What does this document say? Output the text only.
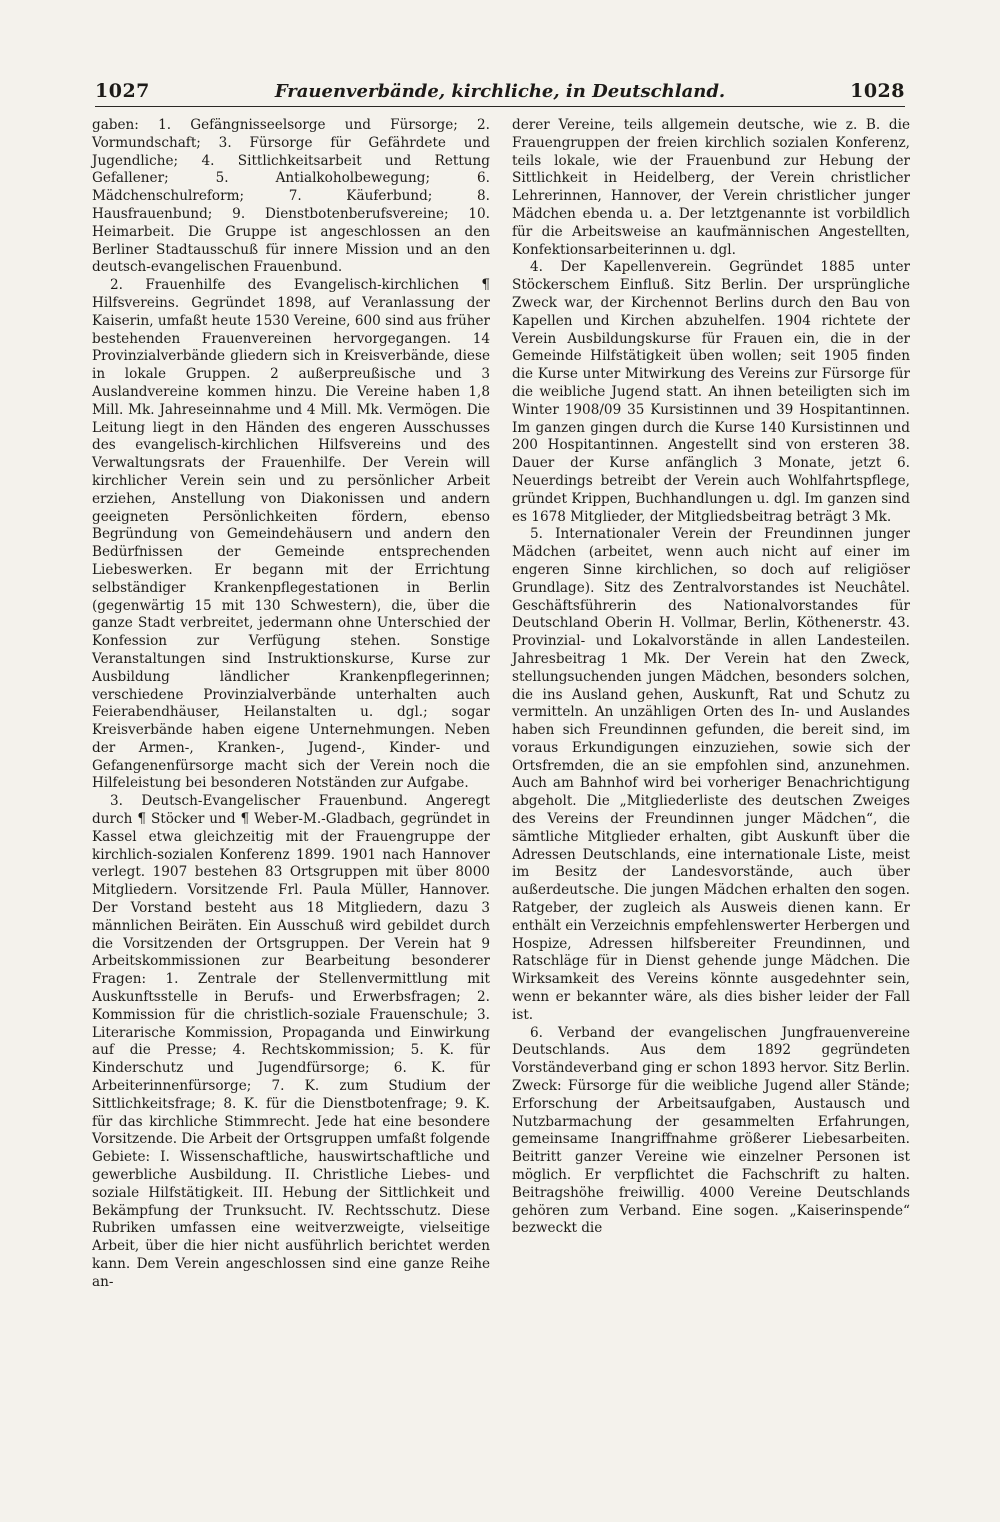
1027	Frauenverbände, kirchliche, in Deutschland.	1028

gaben: 1. Gefängnisseelsorge und Fürsorge; 2. Vormundschaft; 3. Fürsorge für Gefährdete und Jugendliche; 4. Sittlichkeitsarbeit und Rettung Gefallener; 5. Antialkoholbewegung; 6. Mädchenschulreform; 7. Käuferbund; 8. Hausfrauenbund; 9. Dienstbotenberufsvereine; 10. Heimarbeit. Die Gruppe ist angeschlossen an den Berliner Stadtausschuß für innere Mission und an den deutsch-evangelischen Frauenbund.

2. Frauenhilfe des Evangelisch-kirchlichen ¶ Hilfsvereins. Gegründet 1898, auf Veranlassung der Kaiserin, umfaßt heute 1530 Vereine, 600 sind aus früher bestehenden Frauenvereinen hervorgegangen. 14 Provinzialverbände gliedern sich in Kreisverbände, diese in lokale Gruppen. 2 außerpreußische und 3 Auslandvereine kommen hinzu. Die Vereine haben 1,8 Mill. Mk. Jahreseinnahme und 4 Mill. Mk. Vermögen. Die Leitung liegt in den Händen des engeren Ausschusses des evangelisch-kirchlichen Hilfsvereins und des Verwaltungsrats der Frauenhilfe. Der Verein will kirchlicher Verein sein und zu persönlicher Arbeit erziehen, Anstellung von Diakonissen und andern geeigneten Persönlichkeiten fördern, ebenso Begründung von Gemeindehäusern und andern den Bedürfnissen der Gemeinde entsprechenden Liebeswerken. Er begann mit der Errichtung selbständiger Krankenpflegestationen in Berlin (gegenwärtig 15 mit 130 Schwestern), die, über die ganze Stadt verbreitet, jedermann ohne Unterschied der Konfession zur Verfügung stehen. Sonstige Veranstaltungen sind Instruktionskurse, Kurse zur Ausbildung ländlicher Krankenpflegerinnen; verschiedene Provinzialverbände unterhalten auch Feierabendhäuser, Heilanstalten u. dgl.; sogar Kreisverbände haben eigene Unternehmungen. Neben der Armen-, Kranken-, Jugend-, Kinder- und Gefangenenfürsorge macht sich der Verein noch die Hilfeleistung bei besonderen Notständen zur Aufgabe.

3. Deutsch-Evangelischer Frauenbund. Angeregt durch ¶ Stöcker und ¶ Weber-M.-Gladbach, gegründet in Kassel etwa gleichzeitig mit der Frauengruppe der kirchlich-sozialen Konferenz 1899. 1901 nach Hannover verlegt. 1907 bestehen 83 Ortsgruppen mit über 8000 Mitgliedern. Vorsitzende Frl. Paula Müller, Hannover. Der Vorstand besteht aus 18 Mitgliedern, dazu 3 männlichen Beiräten. Ein Ausschuß wird gebildet durch die Vorsitzenden der Ortsgruppen. Der Verein hat 9 Arbeitskommissionen zur Bearbeitung besonderer Fragen: 1. Zentrale der Stellenvermittlung mit Auskunftsstelle in Berufs- und Erwerbsfragen; 2. Kommission für die christlich-soziale Frauenschule; 3. Literarische Kommission, Propaganda und Einwirkung auf die Presse; 4. Rechtskommission; 5. K. für Kinderschutz und Jugendfürsorge; 6. K. für Arbeiterinnenfürsorge; 7. K. zum Studium der Sittlichkeitsfrage; 8. K. für die Dienstbotenfrage; 9. K. für das kirchliche Stimmrecht. Jede hat eine besondere Vorsitzende. Die Arbeit der Ortsgruppen umfaßt folgende Gebiete: I. Wissenschaftliche, hauswirtschaftliche und gewerbliche Ausbildung. II. Christliche Liebes- und soziale Hilfstätigkeit. III. Hebung der Sittlichkeit und Bekämpfung der Trunksucht. IV. Rechtsschutz. Diese Rubriken umfassen eine weitverzweigte, vielseitige Arbeit, über die hier nicht ausführlich berichtet werden kann. Dem Verein angeschlossen sind eine ganze Reihe an-

derer Vereine, teils allgemein deutsche, wie z. B. die Frauengruppen der freien kirchlich sozialen Konferenz, teils lokale, wie der Frauenbund zur Hebung der Sittlichkeit in Heidelberg, der Verein christlicher Lehrerinnen, Hannover, der Verein christlicher junger Mädchen ebenda u. a. Der letztgenannte ist vorbildlich für die Arbeitsweise an kaufmännischen Angestellten, Konfektionsarbeiterinnen u. dgl.

4. Der Kapellenverein. Gegründet 1885 unter Stöckerschem Einfluß. Sitz Berlin. Der ursprüngliche Zweck war, der Kirchennot Berlins durch den Bau von Kapellen und Kirchen abzuhelfen. 1904 richtete der Verein Ausbildungskurse für Frauen ein, die in der Gemeinde Hilfstätigkeit üben wollen; seit 1905 finden die Kurse unter Mitwirkung des Vereins zur Fürsorge für die weibliche Jugend statt. An ihnen beteiligten sich im Winter 1908/09 35 Kursistinnen und 39 Hospitantinnen. Im ganzen gingen durch die Kurse 140 Kursistinnen und 200 Hospitantinnen. Angestellt sind von ersteren 38. Dauer der Kurse anfänglich 3 Monate, jetzt 6. Neuerdings betreibt der Verein auch Wohlfahrtspflege, gründet Krippen, Buchhandlungen u. dgl. Im ganzen sind es 1678 Mitglieder, der Mitgliedsbeitrag beträgt 3 Mk.

5. Internationaler Verein der Freundinnen junger Mädchen (arbeitet, wenn auch nicht auf einer im engeren Sinne kirchlichen, so doch auf religiöser Grundlage). Sitz des Zentralvorstandes ist Neuchâtel. Geschäftsführerin des Nationalvorstandes für Deutschland Oberin H. Vollmar, Berlin, Köthenerstr. 43. Provinzial- und Lokalvorstände in allen Landesteilen. Jahresbeitrag 1 Mk. Der Verein hat den Zweck, stellungsuchenden jungen Mädchen, besonders solchen, die ins Ausland gehen, Auskunft, Rat und Schutz zu vermitteln. An unzähligen Orten des In- und Auslandes haben sich Freundinnen gefunden, die bereit sind, im voraus Erkundigungen einzuziehen, sowie sich der Ortsfremden, die an sie empfohlen sind, anzunehmen. Auch am Bahnhof wird bei vorheriger Benachrichtigung abgeholt. Die „Mitgliederliste des deutschen Zweiges des Vereins der Freundinnen junger Mädchen“, die sämtliche Mitglieder erhalten, gibt Auskunft über die Adressen Deutschlands, eine internationale Liste, meist im Besitz der Landesvorstände, auch über außerdeutsche. Die jungen Mädchen erhalten den sogen. Ratgeber, der zugleich als Ausweis dienen kann. Er enthält ein Verzeichnis empfehlenswerter Herbergen und Hospize, Adressen hilfsbereiter Freundinnen, und Ratschläge für in Dienst gehende junge Mädchen. Die Wirksamkeit des Vereins könnte ausgedehnter sein, wenn er bekannter wäre, als dies bisher leider der Fall ist.

6. Verband der evangelischen Jungfrauenvereine Deutschlands. Aus dem 1892 gegründeten Vorständeverband ging er schon 1893 hervor. Sitz Berlin. Zweck: Fürsorge für die weibliche Jugend aller Stände; Erforschung der Arbeitsaufgaben, Austausch und Nutzbarmachung der gesammelten Erfahrungen, gemeinsame Inangriffnahme größerer Liebesarbeiten. Beitritt ganzer Vereine wie einzelner Personen ist möglich. Er verpflichtet die Fachschrift zu halten. Beitragshöhe freiwillig. 4000 Vereine Deutschlands gehören zum Verband. Eine sogen. „Kaiserinspende“ bezweckt die
